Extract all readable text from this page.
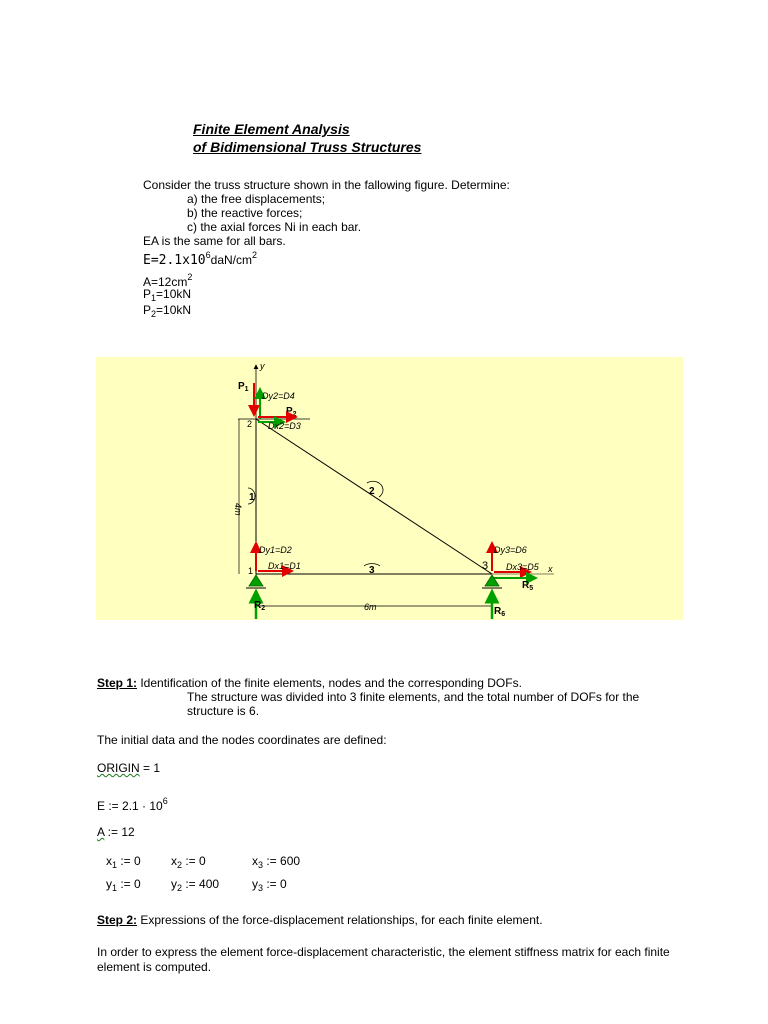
Finite Element Analysis
of Bidimensional Truss Structures
Consider the truss structure shown in the fallowing figure. Determine:
a) the free displacements;
b) the reactive forces;
c) the axial forces Ni in each bar.
EA is the same for all bars.
$E=2.1x10^6daN/cm^2$
$A=12cm^2$
$P_1=10kN$
$P_2=10kN$
y
x
4m
6m
1
2
3
2
1	3
$P_1$
Dy2=D4
$P_2$
Dx2=D3
Dy1=D2
Dx1=D1
Dy3=D6
Dx3=D5
$R_5$
$R_2$	$R_6$
Step 1: Identification of the finite elements, nodes and the corresponding DOFs.
The structure was divided into 3 finite elements, and the total number of DOFs for the
structure is 6.
The initial data and the nodes coordinates are defined:
ORIGIN = 1
E := $2.1 \cdot 10^6$
A := 12
$x_1$ := 0	$x_2$ := 0	$x_3$ := 600
$y_1$ := 0	$y_2$ := 400	$y_3$ := 0
Step 2: Expressions of the force-displacement relationships, for each finite element.
In order to express the element force-displacement characteristic, the element stiffness matrix for each finite
element is computed.
